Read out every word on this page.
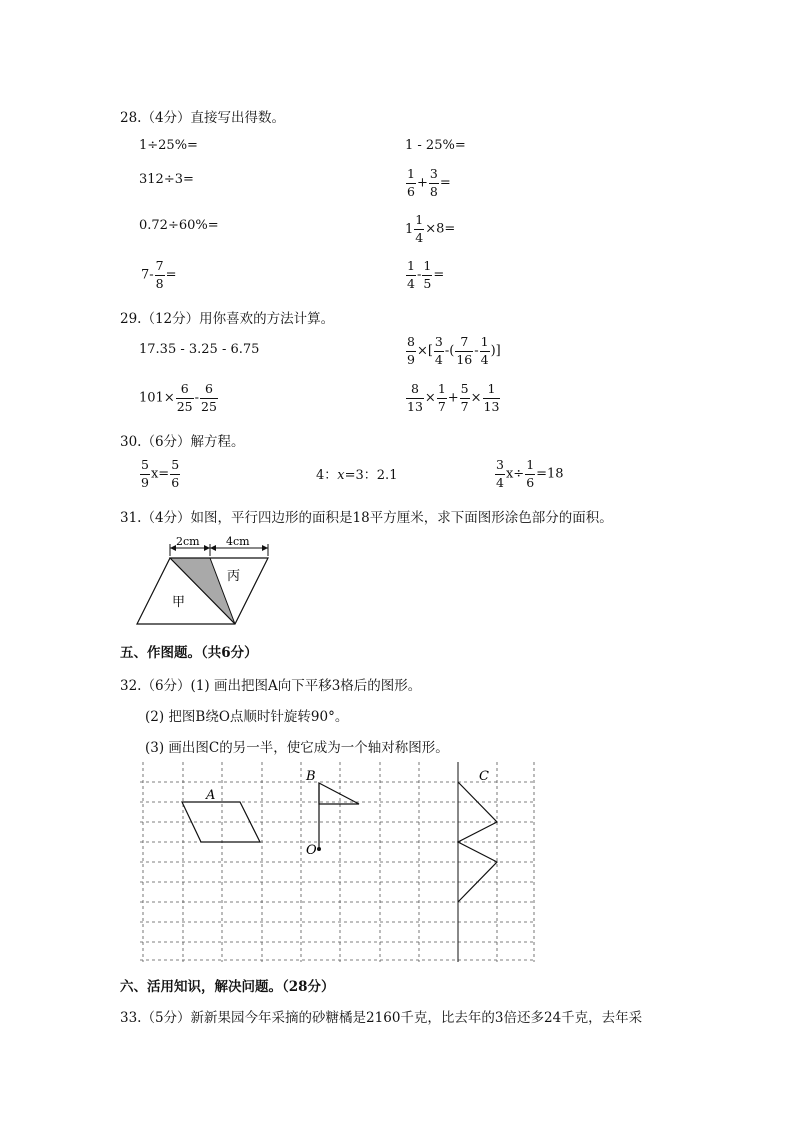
28.（4分）直接写出得数。
1÷25%=	1 - 25%=
312÷3=	$\frac{1}{6} + \frac{3}{8}$ =
0.72÷60%=	$1 \frac{1}{4} \times 8=$
$7- \frac{7}{8}$ =	$\frac{1}{4} - \frac{1}{5}$ =
29.（12分）用你喜欢的方法计算。
17.35 - 3.25 - 6.75	$\frac{8}{9}$ ×[ $\frac{3}{4}$ -( $\frac{7}{16} - \frac{1}{4}$ )]
$101\times \frac{6}{25} - \frac{6}{25}$	$\frac{8}{13} \times \frac{1}{7} + \frac{5}{7} \times \frac{1}{13}$
30.（6分）解方程。
$\frac{5}{9} x= \frac{5}{6}$	4：x=3：2.1	$\frac{3}{4} x\div \frac{1}{6} =18$
31.（4分）如图，平行四边形的面积是18平方厘米，求下面图形涂色部分的面积。
2cm 4cm
丙
甲
五、作图题。（共6分）
32.（6分）(1) 画出把图A向下平移3格后的图形。
(2) 把图B绕O点顺时针旋转90°。
(3) 画出图C的另一半，使它成为一个轴对称图形。
A
B
O
C
六、活用知识，解决问题。（28分）
33.（5分）新新果园今年采摘的砂糖橘是2160千克，比去年的3倍还多24千克，去年采
